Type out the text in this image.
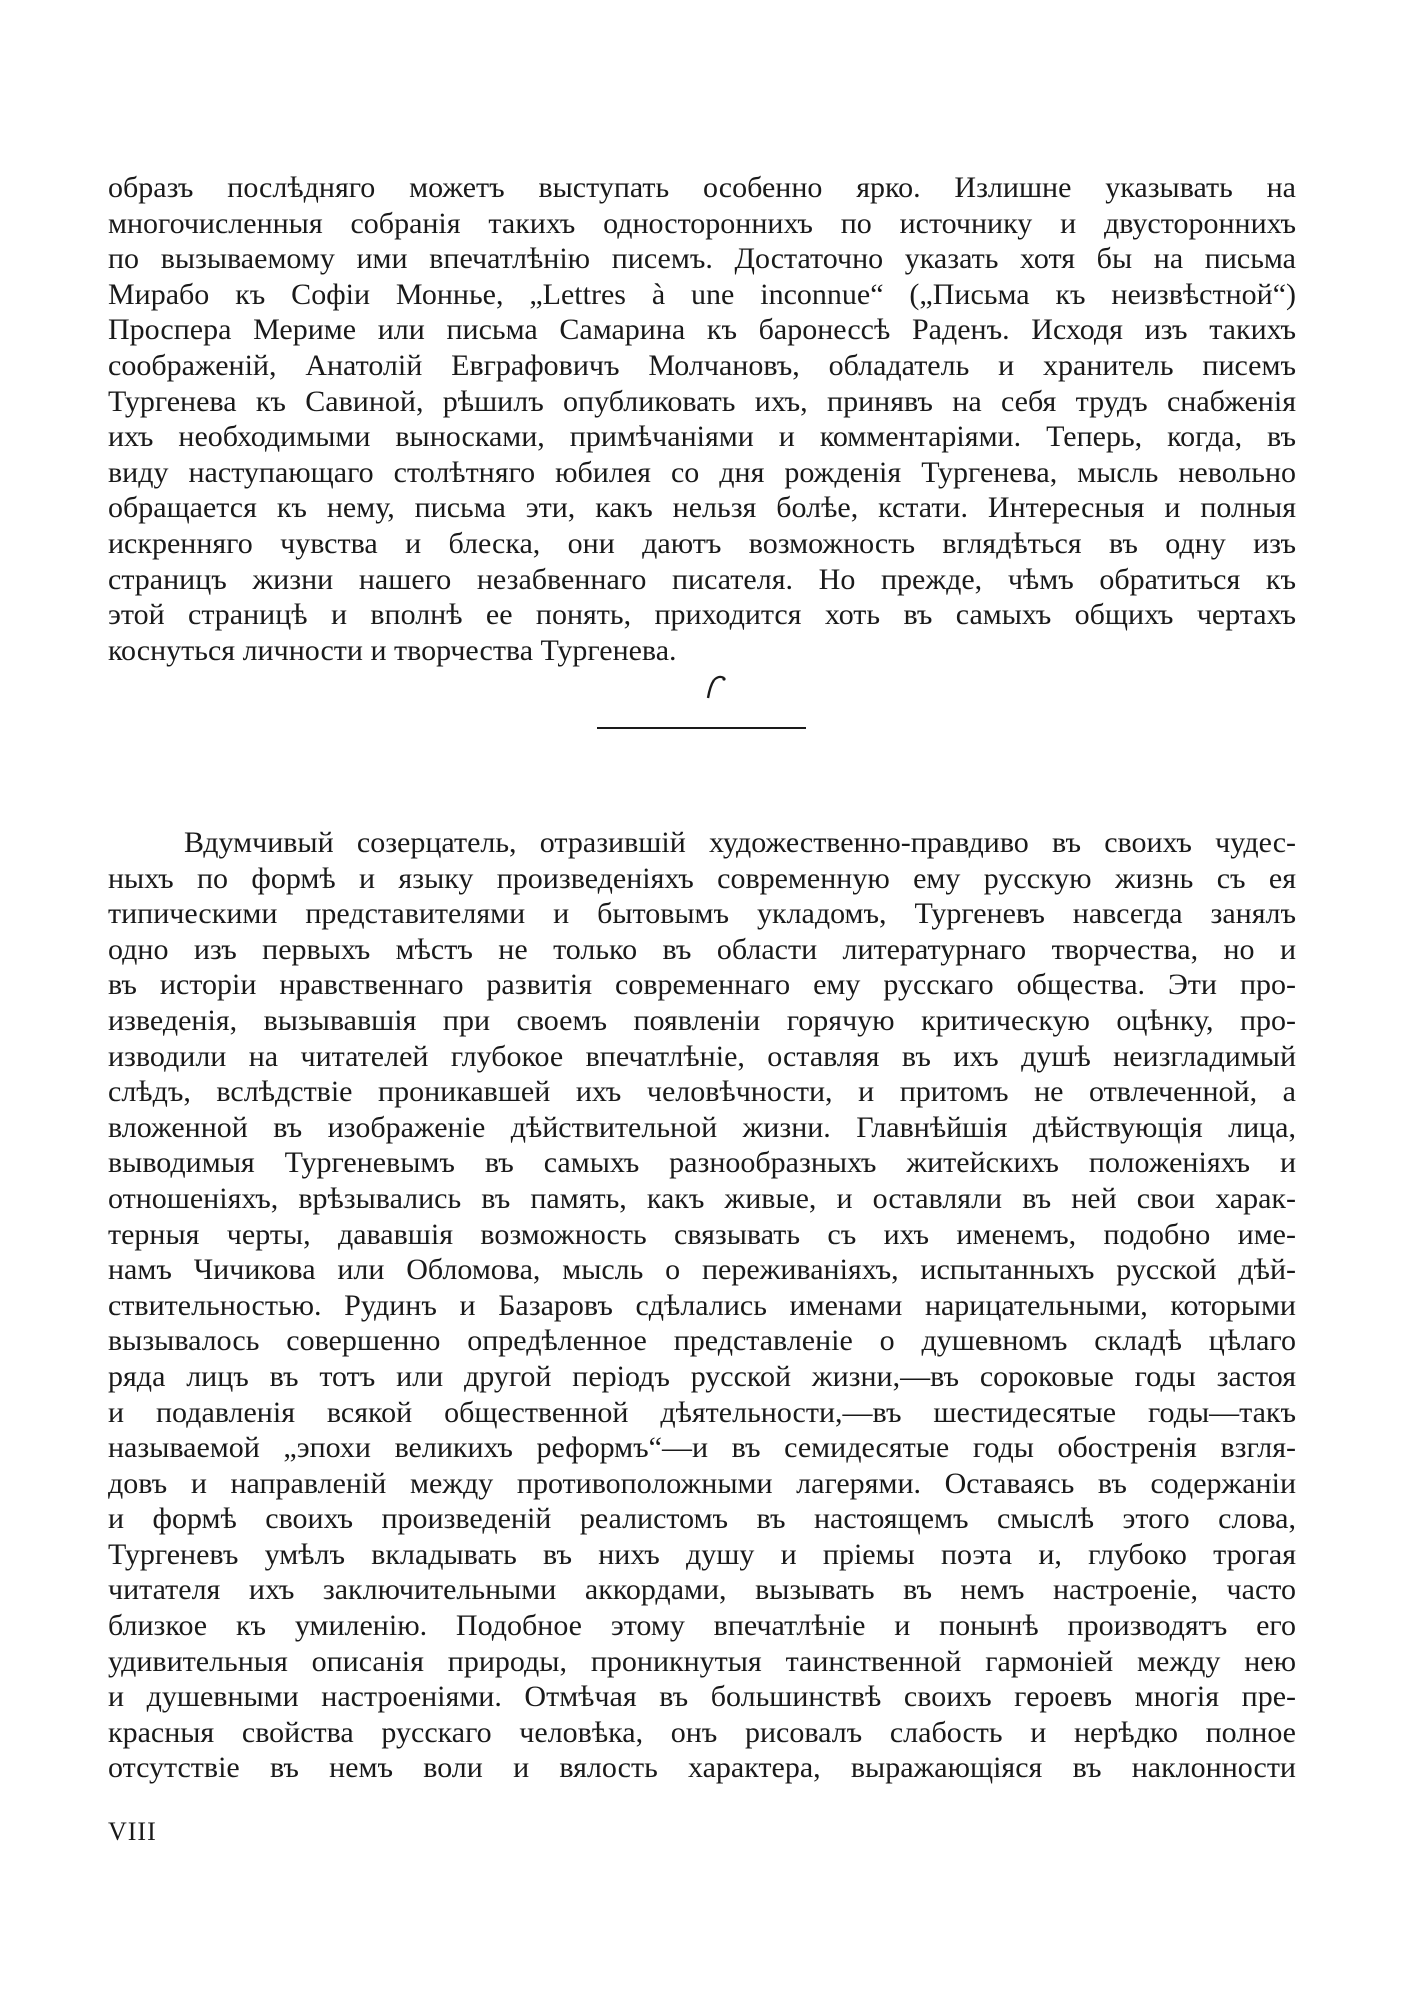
образъ послѣдняго можетъ выступать особенно ярко. Излишне указывать на
многочисленныя собранія такихъ одностороннихъ по источнику и двустороннихъ
по вызываемому ими впечатлѣнію писемъ. Достаточно указать хотя бы на письма
Мирабо къ Софіи Моннье, „Lettres à une inconnue“ („Письма къ неизвѣстной“)
Проспера Мериме или письма Самарина къ баронессѣ Раденъ. Исходя изъ такихъ
соображеній, Анатолій Евграфовичъ Молчановъ, обладатель и хранитель писемъ
Тургенева къ Савиной, рѣшилъ опубликовать ихъ, принявъ на себя трудъ снабженія
ихъ необходимыми выносками, примѣчаніями и комментаріями. Теперь, когда, въ
виду наступающаго столѣтняго юбилея со дня рожденія Тургенева, мысль невольно
обращается къ нему, письма эти, какъ нельзя болѣе, кстати. Интересныя и полныя
искренняго чувства и блеска, они даютъ возможность вглядѣться въ одну изъ
страницъ жизни нашего незабвеннаго писателя. Но прежде, чѣмъ обратиться къ
этой страницѣ и вполнѣ ее понять, приходится хоть въ самыхъ общихъ чертахъ
коснуться личности и творчества Тургенева.
Вдумчивый созерцатель, отразившій художественно-правдиво въ своихъ чудес-
ныхъ по формѣ и языку произведеніяхъ современную ему русскую жизнь съ ея
типическими представителями и бытовымъ укладомъ, Тургеневъ навсегда занялъ
одно изъ первыхъ мѣстъ не только въ области литературнаго творчества, но и
въ исторіи нравственнаго развитія современнаго ему русскаго общества. Эти про-
изведенія, вызывавшія при своемъ появленіи горячую критическую оцѣнку, про-
изводили на читателей глубокое впечатлѣніе, оставляя въ ихъ душѣ неизгладимый
слѣдъ, вслѣдствіе проникавшей ихъ человѣчности, и притомъ не отвлеченной, а
вложенной въ изображеніе дѣйствительной жизни. Главнѣйшія дѣйствующія лица,
выводимыя Тургеневымъ въ самыхъ разнообразныхъ житейскихъ положеніяхъ и
отношеніяхъ, врѣзывались въ память, какъ живые, и оставляли въ ней свои харак-
терныя черты, дававшія возможность связывать съ ихъ именемъ, подобно име-
намъ Чичикова или Обломова, мысль о переживаніяхъ, испытанныхъ русской дѣй-
ствительностью. Рудинъ и Базаровъ сдѣлались именами нарицательными, которыми
вызывалось совершенно опредѣленное представленіе о душевномъ складѣ цѣлаго
ряда лицъ въ тотъ или другой періодъ русской жизни,—въ сороковые годы застоя
и подавленія всякой общественной дѣятельности,—въ шестидесятые годы—такъ
называемой „эпохи великихъ реформъ“—и въ семидесятые годы обостренія взгля-
довъ и направленій между противоположными лагерями. Оставаясь въ содержаніи
и формѣ своихъ произведеній реалистомъ въ настоящемъ смыслѣ этого слова,
Тургеневъ умѣлъ вкладывать въ нихъ душу и пріемы поэта и, глубоко трогая
читателя ихъ заключительными аккордами, вызывать въ немъ настроеніе, часто
близкое къ умиленію. Подобное этому впечатлѣніе и понынѣ производятъ его
удивительныя описанія природы, проникнутыя таинственной гармоніей между нею
и душевными настроеніями. Отмѣчая въ большинствѣ своихъ героевъ многія пре-
красныя свойства русскаго человѣка, онъ рисовалъ слабость и нерѣдко полное
отсутствіе въ немъ воли и вялость характера, выражающіяся въ наклонности
VIII
